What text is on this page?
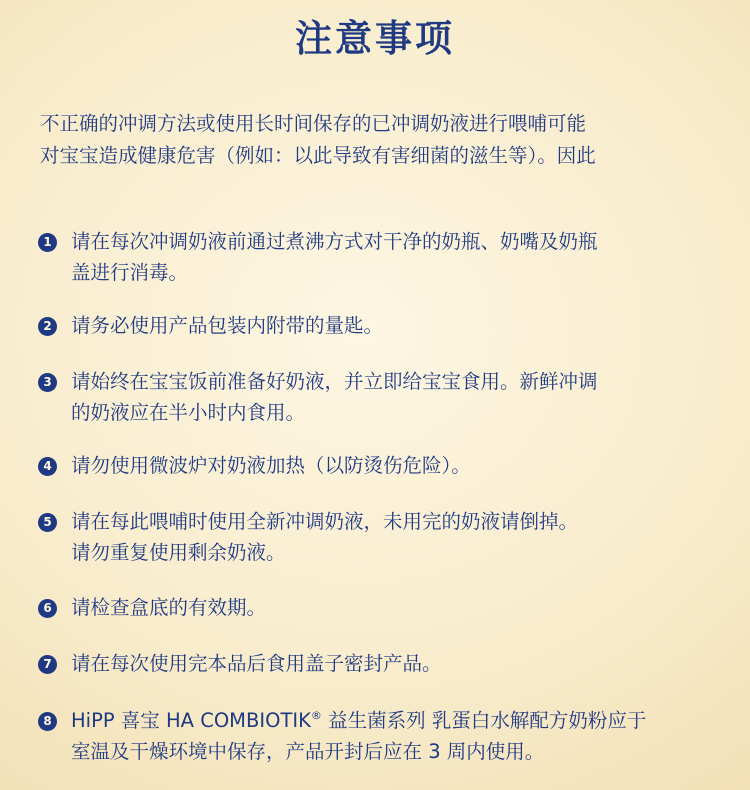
注意事项
不正确的冲调方法或使用长时间保存的已冲调奶液进行喂哺可能
对宝宝造成健康危害（例如：以此导致有害细菌的滋生等）。因此
1 请在每次冲调奶液前通过煮沸方式对干净的奶瓶、奶嘴及奶瓶
盖进行消毒。
2 请务必使用产品包装内附带的量匙。
3 请始终在宝宝饭前准备好奶液，并立即给宝宝食用。新鲜冲调
的奶液应在半小时内食用。
4 请勿使用微波炉对奶液加热（以防烫伤危险）。
5 请在每此喂哺时使用全新冲调奶液，未用完的奶液请倒掉。
请勿重复使用剩余奶液。
6 请检查盒底的有效期。
7 请在每次使用完本品后食用盖子密封产品。
8 HiPP 喜宝 HA COMBIOTIK® 益生菌系列 乳蛋白水解配方奶粉应于
室温及干燥环境中保存，产品开封后应在 3 周内使用。
